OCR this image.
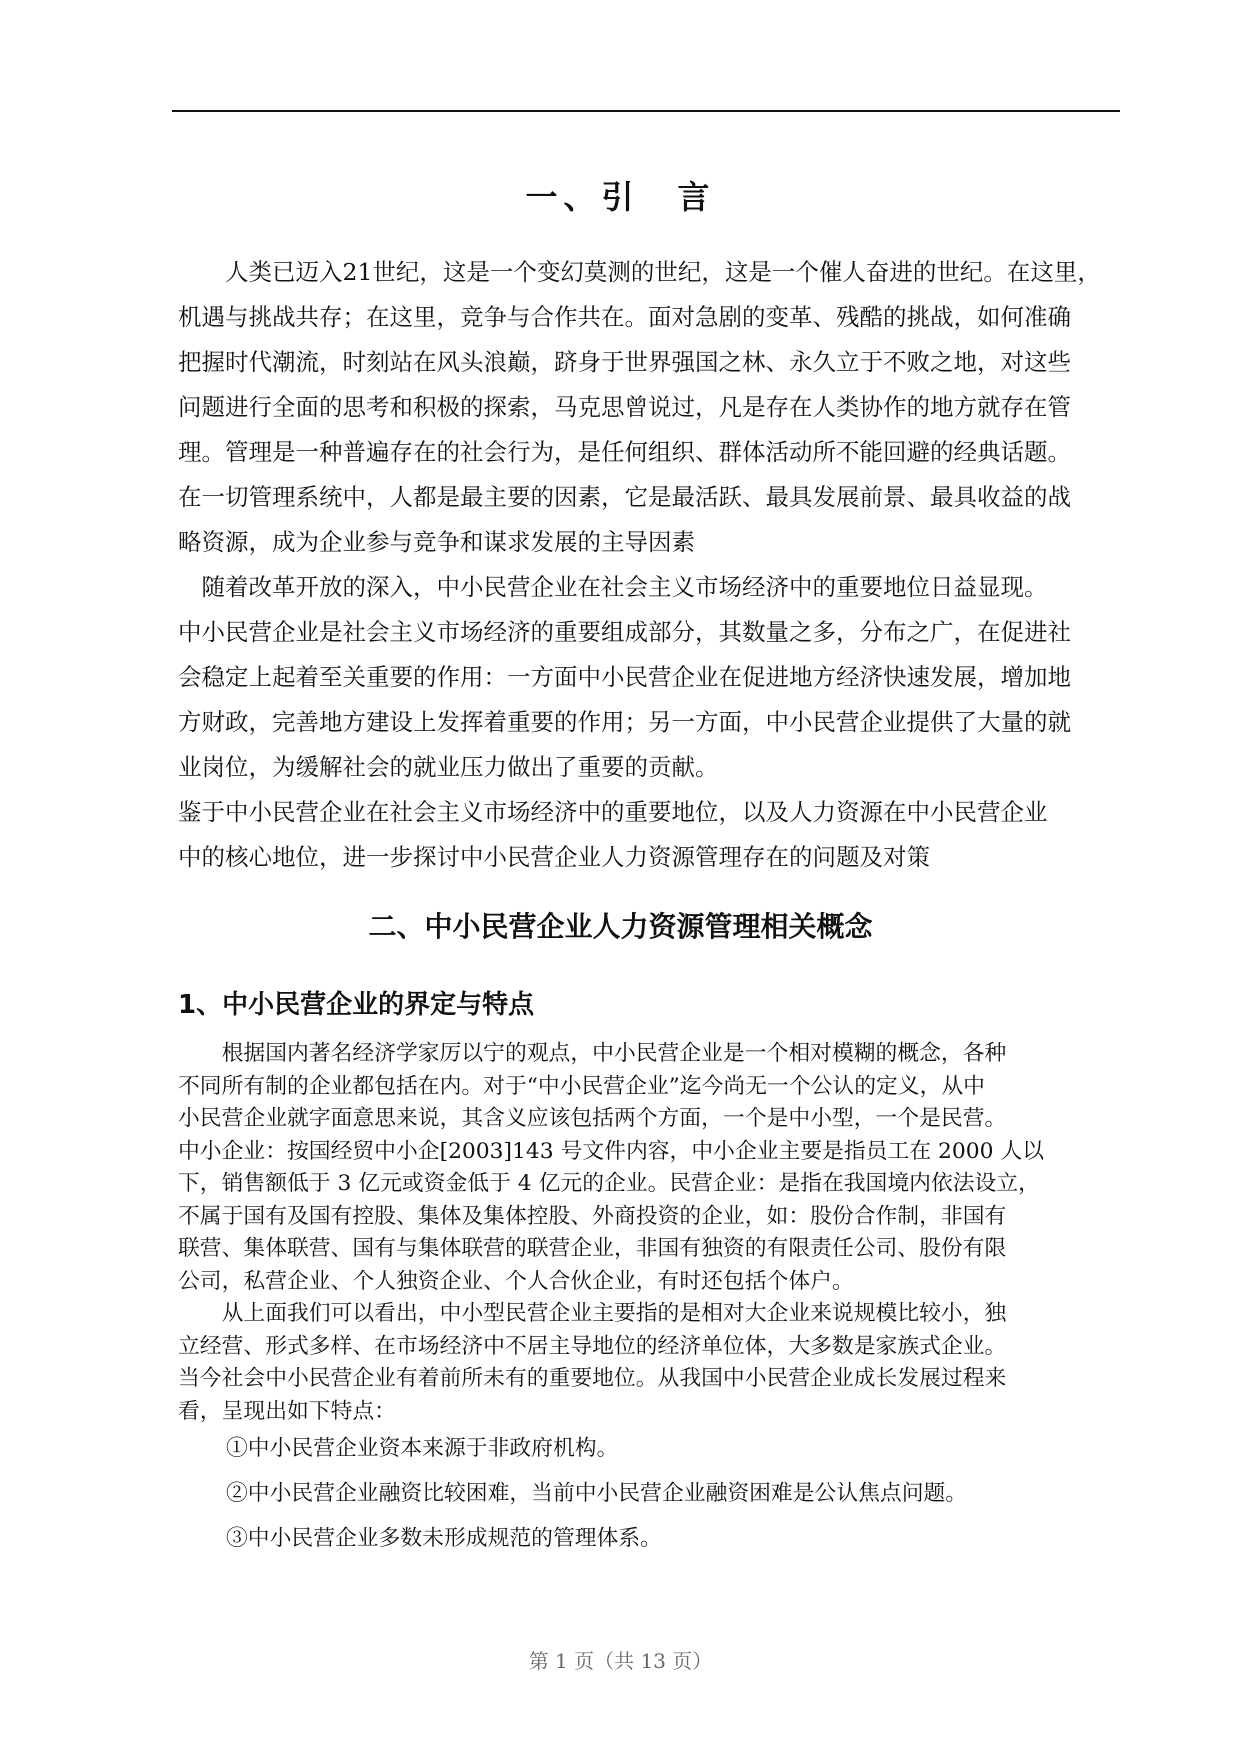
一、引　言
　　人类已迈入21世纪，这是一个变幻莫测的世纪，这是一个催人奋进的世纪。在这里，
机遇与挑战共存；在这里，竞争与合作共在。面对急剧的变革、残酷的挑战，如何准确
把握时代潮流，时刻站在风头浪巅，跻身于世界强国之林、永久立于不败之地，对这些
问题进行全面的思考和积极的探索，马克思曾说过，凡是存在人类协作的地方就存在管
理。管理是一种普遍存在的社会行为，是任何组织、群体活动所不能回避的经典话题。
在一切管理系统中，人都是最主要的因素，它是最活跃、最具发展前景、最具收益的战
略资源，成为企业参与竞争和谋求发展的主导因素
　随着改革开放的深入，中小民营企业在社会主义市场经济中的重要地位日益显现。
中小民营企业是社会主义市场经济的重要组成部分，其数量之多，分布之广，在促进社
会稳定上起着至关重要的作用：一方面中小民营企业在促进地方经济快速发展，增加地
方财政，完善地方建设上发挥着重要的作用；另一方面，中小民营企业提供了大量的就
业岗位，为缓解社会的就业压力做出了重要的贡献。
鉴于中小民营企业在社会主义市场经济中的重要地位，以及人力资源在中小民营企业
中的核心地位，进一步探讨中小民营企业人力资源管理存在的问题及对策
二、中小民营企业人力资源管理相关概念
1、中小民营企业的界定与特点
　　根据国内著名经济学家厉以宁的观点，中小民营企业是一个相对模糊的概念，各种
不同所有制的企业都包括在内。对于“中小民营企业”迄今尚无一个公认的定义，从中
小民营企业就字面意思来说，其含义应该包括两个方面，一个是中小型，一个是民营。
中小企业：按国经贸中小企[2003]143 号文件内容，中小企业主要是指员工在 2000 人以
下，销售额低于 3 亿元或资金低于 4 亿元的企业。民营企业：是指在我国境内依法设立，
不属于国有及国有控股、集体及集体控股、外商投资的企业，如：股份合作制，非国有
联营、集体联营、国有与集体联营的联营企业，非国有独资的有限责任公司、股份有限
公司，私营企业、个人独资企业、个人合伙企业，有时还包括个体户。
　　从上面我们可以看出，中小型民营企业主要指的是相对大企业来说规模比较小，独
立经营、形式多样、在市场经济中不居主导地位的经济单位体，大多数是家族式企业。
当今社会中小民营企业有着前所未有的重要地位。从我国中小民营企业成长发展过程来
看，呈现出如下特点：

①中小民营企业资本来源于非政府机构。

②中小民营企业融资比较困难，当前中小民营企业融资困难是公认焦点问题。

③中小民营企业多数未形成规范的管理体系。

第 1 页（共 13 页）
